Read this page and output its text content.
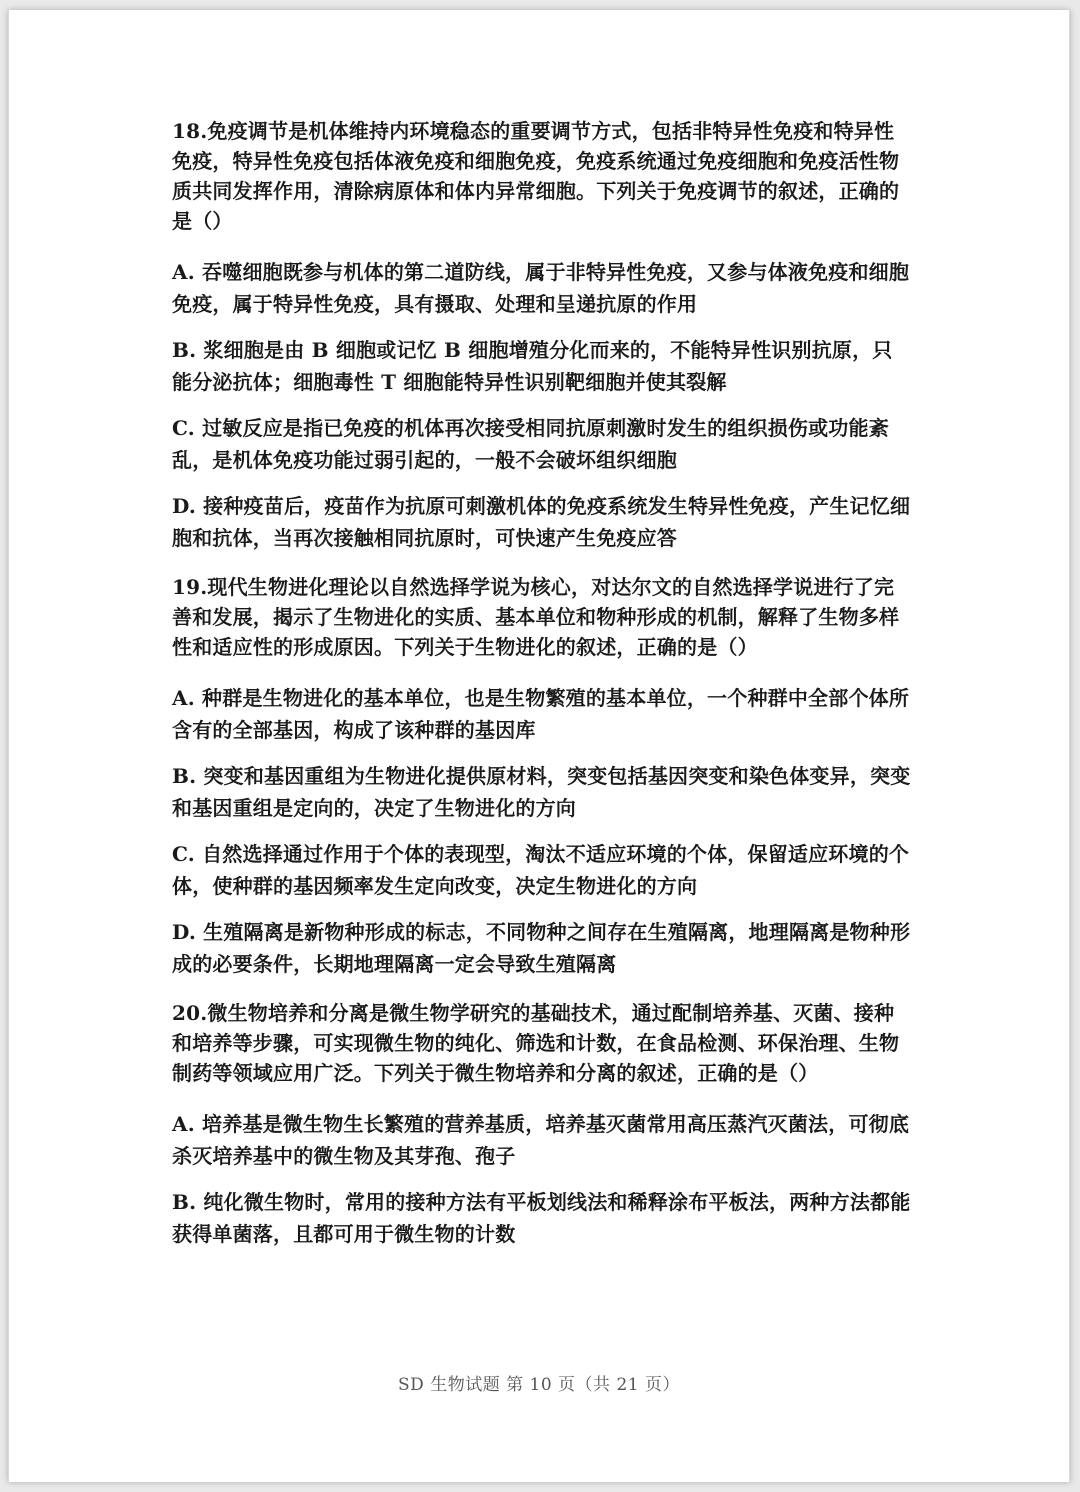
18.免疫调节是机体维持内环境稳态的重要调节方式，包括非特异性免疫和特异性免疫，特异性免疫包括体液免疫和细胞免疫，免疫系统通过免疫细胞和免疫活性物质共同发挥作用，清除病原体和体内异常细胞。下列关于免疫调节的叙述，正确的是（）

A. 吞噬细胞既参与机体的第二道防线，属于非特异性免疫，又参与体液免疫和细胞免疫，属于特异性免疫，具有摄取、处理和呈递抗原的作用

B. 浆细胞是由 B 细胞或记忆 B 细胞增殖分化而来的，不能特异性识别抗原，只能分泌抗体；细胞毒性 T 细胞能特异性识别靶细胞并使其裂解

C. 过敏反应是指已免疫的机体再次接受相同抗原刺激时发生的组织损伤或功能紊乱，是机体免疫功能过弱引起的，一般不会破坏组织细胞

D. 接种疫苗后，疫苗作为抗原可刺激机体的免疫系统发生特异性免疫，产生记忆细胞和抗体，当再次接触相同抗原时，可快速产生免疫应答

19.现代生物进化理论以自然选择学说为核心，对达尔文的自然选择学说进行了完善和发展，揭示了生物进化的实质、基本单位和物种形成的机制，解释了生物多样性和适应性的形成原因。下列关于生物进化的叙述，正确的是（）

A. 种群是生物进化的基本单位，也是生物繁殖的基本单位，一个种群中全部个体所含有的全部基因，构成了该种群的基因库

B. 突变和基因重组为生物进化提供原材料，突变包括基因突变和染色体变异，突变和基因重组是定向的，决定了生物进化的方向

C. 自然选择通过作用于个体的表现型，淘汰不适应环境的个体，保留适应环境的个体，使种群的基因频率发生定向改变，决定生物进化的方向

D. 生殖隔离是新物种形成的标志，不同物种之间存在生殖隔离，地理隔离是物种形成的必要条件，长期地理隔离一定会导致生殖隔离

20.微生物培养和分离是微生物学研究的基础技术，通过配制培养基、灭菌、接种和培养等步骤，可实现微生物的纯化、筛选和计数，在食品检测、环保治理、生物制药等领域应用广泛。下列关于微生物培养和分离的叙述，正确的是（）

A. 培养基是微生物生长繁殖的营养基质，培养基灭菌常用高压蒸汽灭菌法，可彻底杀灭培养基中的微生物及其芽孢、孢子

B. 纯化微生物时，常用的接种方法有平板划线法和稀释涂布平板法，两种方法都能获得单菌落，且都可用于微生物的计数

SD 生物试题 第 10 页（共 21 页）
